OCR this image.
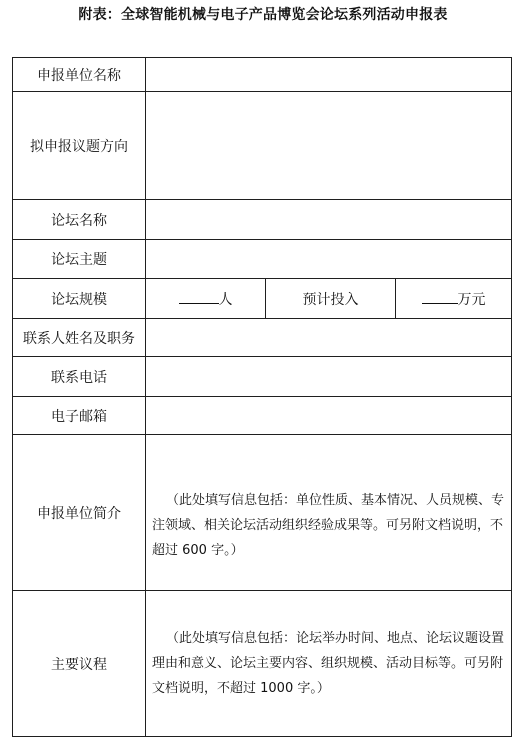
附表：全球智能机械与电子产品博览会论坛系列活动申报表
申报单位名称			
拟申报议题方向			
论坛名称			
论坛主题			
论坛规模	人	预计投入	万元
联系人姓名及职务			
联系电话			
电子邮箱			
申报单位简介	（此处填写信息包括：单位性质、基本情况、人员规模、专注领域、相关论坛活动组织经验成果等。可另附文档说明，不超过 600 字。）		

主要议程	（此处填写信息包括：论坛举办时间、地点、论坛议题设置理由和意义、论坛主要内容、组织规模、活动目标等。可另附文档说明，不超过 1000 字。）		
